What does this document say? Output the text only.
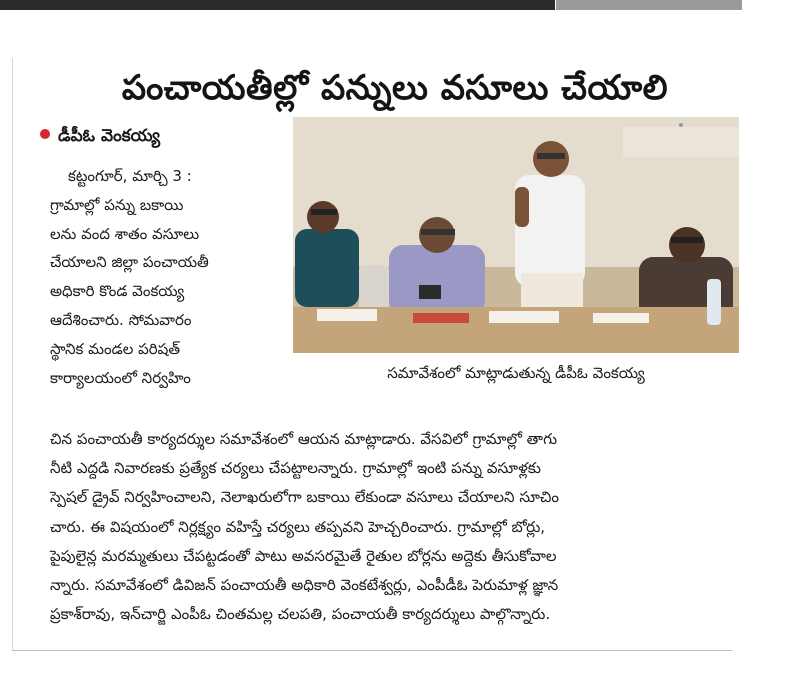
పంచాయతీల్లో పన్నులు వసూలు చేయాలి
డీపీఓ వెంకయ్య

కట్టంగూర్, మార్చి 3 :

గ్రామాల్లో పన్ను బకాయి

లను వంద శాతం వసూలు

చేయాలని జిల్లా పంచాయతీ

అధికారి కొండ వెంకయ్య

ఆదేశించారు. సోమవారం

స్థానిక మండల పరిషత్

కార్యాలయంలో నిర్వహిం	సమావేశంలో మాట్లాడుతున్న డీపీఓ వెంకయ్య

చిన పంచాయతీ కార్యదర్శుల సమావేశంలో ఆయన మాట్లాడారు. వేసవిలో గ్రామాల్లో తాగు

నీటి ఎద్దడి నివారణకు ప్రత్యేక చర్యలు చేపట్టాలన్నారు. గ్రామాల్లో ఇంటి పన్ను వసూళ్లకు

స్పెషల్ డ్రైవ్ నిర్వహించాలని, నెలాఖరులోగా బకాయి లేకుండా వసూలు చేయాలని సూచిం

చారు. ఈ విషయంలో నిర్లక్ష్యం వహిస్తే చర్యలు తప్పవని హెచ్చరించారు. గ్రామాల్లో బోర్లు,

పైపులైన్ల మరమ్మతులు చేపట్టడంతో పాటు అవసరమైతే రైతుల బోర్లను అద్దెకు తీసుకోవాల

న్నారు. సమావేశంలో డివిజన్ పంచాయతీ అధికారి వెంకటేశ్వర్లు, ఎంపీడీఓ పెరుమాళ్ల జ్ఞాన

ప్రకాశ్‌రావు, ఇన్‌చార్జి ఎంపీఓ చింతమల్ల చలపతి, పంచాయతీ కార్యదర్శులు పాల్గొన్నారు.
